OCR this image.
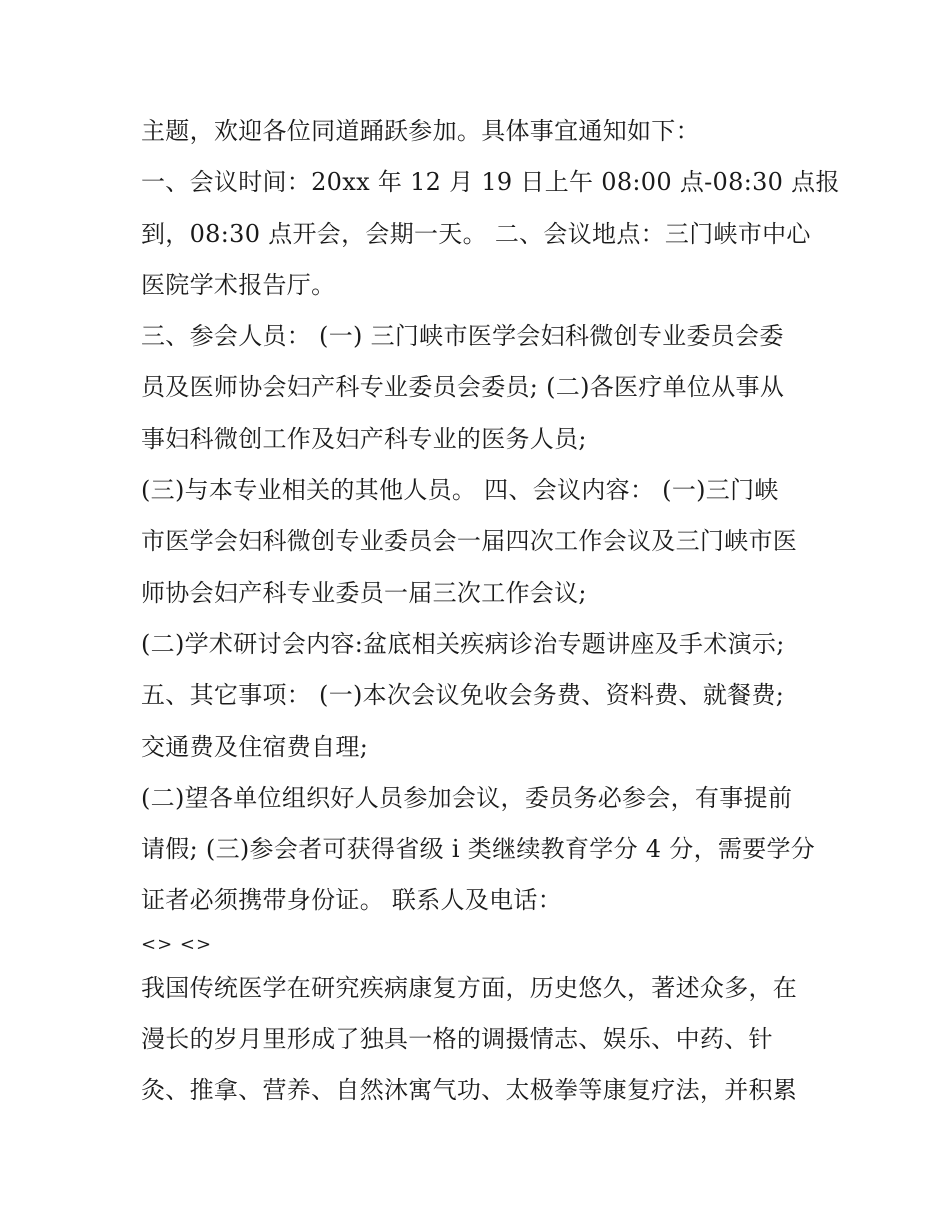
主题，欢迎各位同道踊跃参加。具体事宜通知如下：
一、会议时间：20xx 年 12 月 19 日上午 08:00 点-08:30 点报
到，08:30 点开会，会期一天。 二、会议地点：三门峡市中心
医院学术报告厅。
三、参会人员： (一) 三门峡市医学会妇科微创专业委员会委
员及医师协会妇产科专业委员会委员; (二)各医疗单位从事从
事妇科微创工作及妇产科专业的医务人员;
(三)与本专业相关的其他人员。 四、会议内容： (一)三门峡
市医学会妇科微创专业委员会一届四次工作会议及三门峡市医
师协会妇产科专业委员一届三次工作会议;
(二)学术研讨会内容:盆底相关疾病诊治专题讲座及手术演示;
五、其它事项： (一)本次会议免收会务费、资料费、就餐费;
交通费及住宿费自理;
(二)望各单位组织好人员参加会议，委员务必参会，有事提前
请假; (三)参会者可获得省级 i 类继续教育学分 4 分，需要学分
证者必须携带身份证。 联系人及电话：
<> <>
我国传统医学在研究疾病康复方面，历史悠久，著述众多，在
漫长的岁月里形成了独具一格的调摄情志、娱乐、中药、针
灸、推拿、营养、自然沐寓气功、太极拳等康复疗法，并积累
